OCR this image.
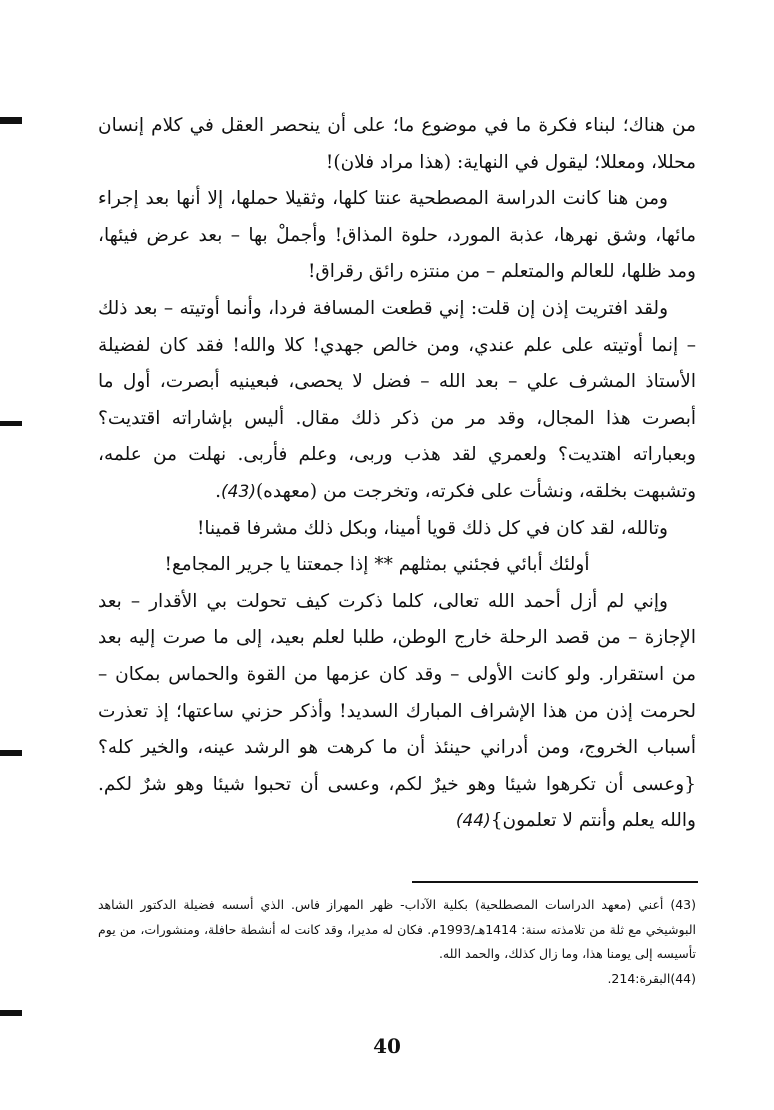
من هناك؛ لبناء فكرة ما في موضوع ما؛ على أن ينحصر العقل في كلام إنسان محللا، ومعللا؛ ليقول في النهاية: (هذا مراد فلان)!

ومن هنا كانت الدراسة المصطحية عنتا كلها، وثقيلا حملها، إلا أنها بعد إجراء مائها، وشق نهرها، عذبة المورد، حلوة المذاق! وأجملْ بها – بعد عرض فيئها، ومد ظلها، للعالم والمتعلم – من منتزه رائق رقراق!

ولقد افتريت إذن إن قلت: إني قطعت المسافة فردا، وأنما أوتيته – بعد ذلك – إنما أوتيته على علم عندي، ومن خالص جهدي! كلا والله! فقد كان لفضيلة الأستاذ المشرف علي – بعد الله – فضل لا يحصى، فبعينيه أبصرت، أول ما أبصرت هذا المجال، وقد مر من ذكر ذلك مقال. أليس بإشاراته اقتديت؟ وبعباراته اهتديت؟ ولعمري لقد هذب وربى، وعلم فأربى. نهلت من علمه، وتشبهت بخلقه، ونشأت على فكرته، وتخرجت من (معهده)(43).

وتالله، لقد كان في كل ذلك قويا أمينا، وبكل ذلك مشرفا قمينا!

أولئك أبائي فجئني بمثلهم ** إذا جمعتنا يا جرير المجامع!

وإني لم أزل أحمد الله تعالى، كلما ذكرت كيف تحولت بي الأقدار – بعد الإجازة – من قصد الرحلة خارج الوطن، طلبا لعلم بعيد، إلى ما صرت إليه بعد من استقرار. ولو كانت الأولى – وقد كان عزمها من القوة والحماس بمكان – لحرمت إذن من هذا الإشراف المبارك السديد! وأذكر حزني ساعتها؛ إذ تعذرت أسباب الخروج، ومن أدراني حينئذ أن ما كرهت هو الرشد عينه، والخير كله؟ {وعسى أن تكرهوا شيئا وهو خيرٌ لكم، وعسى أن تحبوا شيئا وهو شرٌ لكم. والله يعلم وأنتم لا تعلمون}(44)

(43) أعني (معهد الدراسات المصطلحية) بكلية الآداب- ظهر المهراز فاس. الذي أسسه فضيلة الدكتور الشاهد البوشيخي مع ثلة من تلامذته سنة: 1414هـ/1993م. فكان له مديرا، وقد كانت له أنشطة حافلة، ومنشورات، من يوم تأسيسه إلى يومنا هذا، وما زال كذلك، والحمد الله.

(44)البقرة:214.

40
